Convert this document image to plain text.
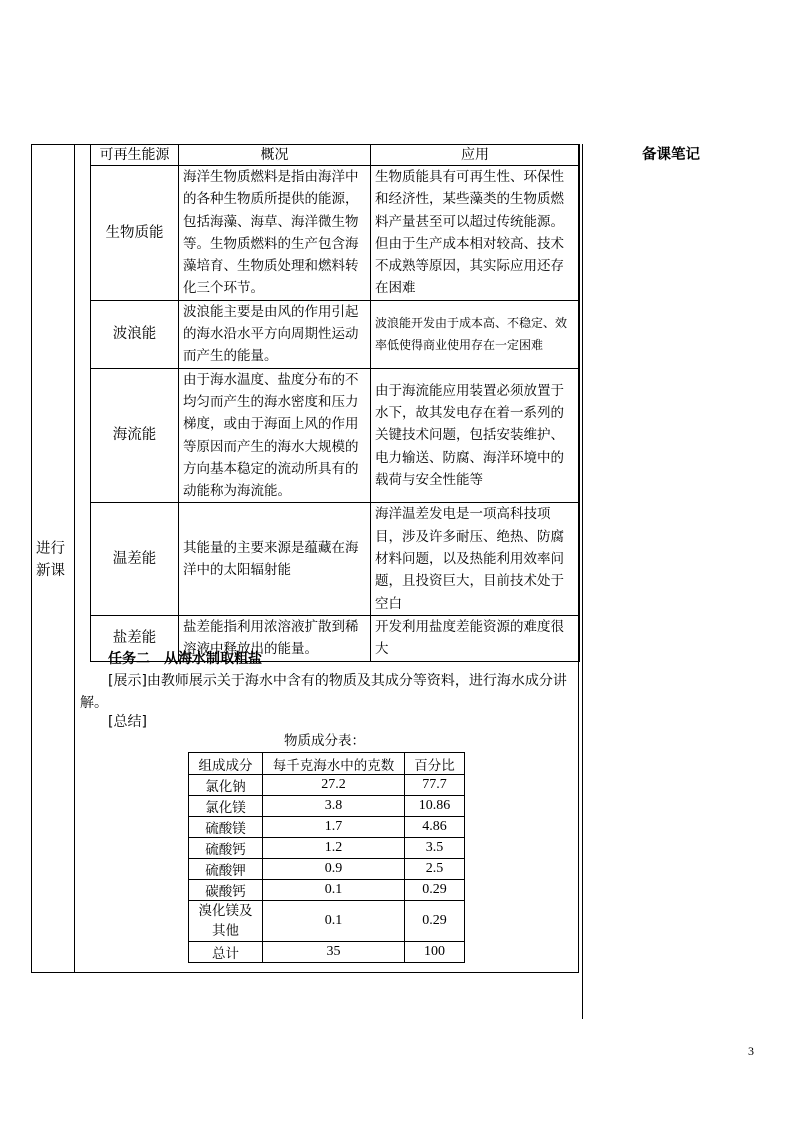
进行新课
备课笔记
可再生能源	概况	应用
生物质能	海洋生物质燃料是指由海洋中的各种生物质所提供的能源，包括海藻、海草、海洋微生物等。生物质燃料的生产包含海藻培育、生物质处理和燃料转化三个环节。	生物质能具有可再生性、环保性和经济性，某些藻类的生物质燃料产量甚至可以超过传统能源。但由于生产成本相对较高、技术不成熟等原因，其实际应用还存在困难
波浪能	波浪能主要是由风的作用引起的海水沿水平方向周期性运动而产生的能量。	波浪能开发由于成本高、不稳定、效率低使得商业使用存在一定困难
海流能	由于海水温度、盐度分布的不均匀而产生的海水密度和压力梯度，或由于海面上风的作用等原因而产生的海水大规模的方向基本稳定的流动所具有的动能称为海流能。	由于海流能应用装置必须放置于水下，故其发电存在着一系列的关键技术问题，包括安装维护、电力输送、防腐、海洋环境中的载荷与安全性能等
温差能	其能量的主要来源是蕴藏在海洋中的太阳辐射能	海洋温差发电是一项高科技项目，涉及许多耐压、绝热、防腐材料问题，以及热能利用效率问题，且投资巨大，目前技术处于空白
盐差能	盐差能指利用浓溶液扩散到稀溶液中释放出的能量。	开发利用盐度差能资源的难度很大
任务二　从海水制取粗盐
[展示]由教师展示关于海水中含有的物质及其成分等资料，进行海水成分讲解。
[总结]
物质成分表：
组成成分	每千克海水中的克数	百分比
氯化钠	27.2	77.7
氯化镁	3.8	10.86
硫酸镁	1.7	4.86
硫酸钙	1.2	3.5
硫酸钾	0.9	2.5
碳酸钙	0.1	0.29
溴化镁及其他	0.1	0.29
总计	35	100
3
